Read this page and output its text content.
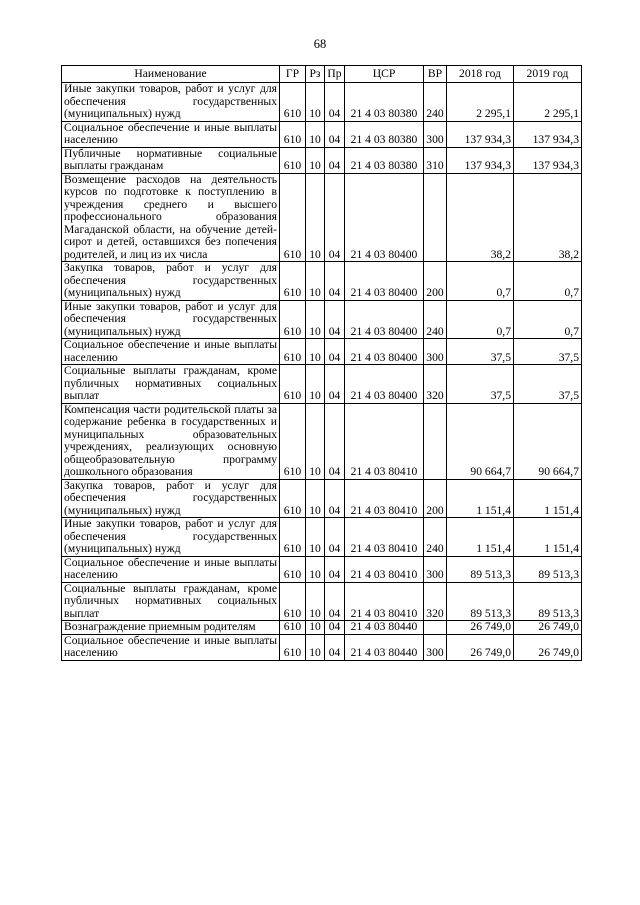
68
Наименование	ГР	Рз	Пр	ЦСР	ВР	2018 год	2019 год
Иные закупки товаров, работ и услуг для обеспечения государственных (муниципальных) нужд	610	10	04	21 4 03 80380	240	2 295,1	2 295,1
Социальное обеспечение и иные выплаты населению	610	10	04	21 4 03 80380	300	137 934,3	137 934,3
Публичные нормативные социальные выплаты гражданам	610	10	04	21 4 03 80380	310	137 934,3	137 934,3
Возмещение расходов на деятельность курсов по подготовке к поступлению в учреждения среднего и высшего профессионального образования Магаданской области, на обучение детей-сирот и детей, оставшихся без попечения родителей, и лиц из их числа	610	10	04	21 4 03 80400		38,2	38,2
Закупка товаров, работ и услуг для обеспечения государственных (муниципальных) нужд	610	10	04	21 4 03 80400	200	0,7	0,7
Иные закупки товаров, работ и услуг для обеспечения государственных (муниципальных) нужд	610	10	04	21 4 03 80400	240	0,7	0,7
Социальное обеспечение и иные выплаты населению	610	10	04	21 4 03 80400	300	37,5	37,5
Социальные выплаты гражданам, кроме публичных нормативных социальных выплат	610	10	04	21 4 03 80400	320	37,5	37,5
Компенсация части родительской платы за содержание ребенка в государственных и муниципальных образовательных учреждениях, реализующих основную общеобразовательную программу дошкольного образования	610	10	04	21 4 03 80410		90 664,7	90 664,7
Закупка товаров, работ и услуг для обеспечения государственных (муниципальных) нужд	610	10	04	21 4 03 80410	200	1 151,4	1 151,4
Иные закупки товаров, работ и услуг для обеспечения государственных (муниципальных) нужд	610	10	04	21 4 03 80410	240	1 151,4	1 151,4
Социальное обеспечение и иные выплаты населению	610	10	04	21 4 03 80410	300	89 513,3	89 513,3
Социальные выплаты гражданам, кроме публичных нормативных социальных выплат	610	10	04	21 4 03 80410	320	89 513,3	89 513,3
Вознаграждение приемным родителям	610	10	04	21 4 03 80440		26 749,0	26 749,0
Социальное обеспечение и иные выплаты населению	610	10	04	21 4 03 80440	300	26 749,0	26 749,0
